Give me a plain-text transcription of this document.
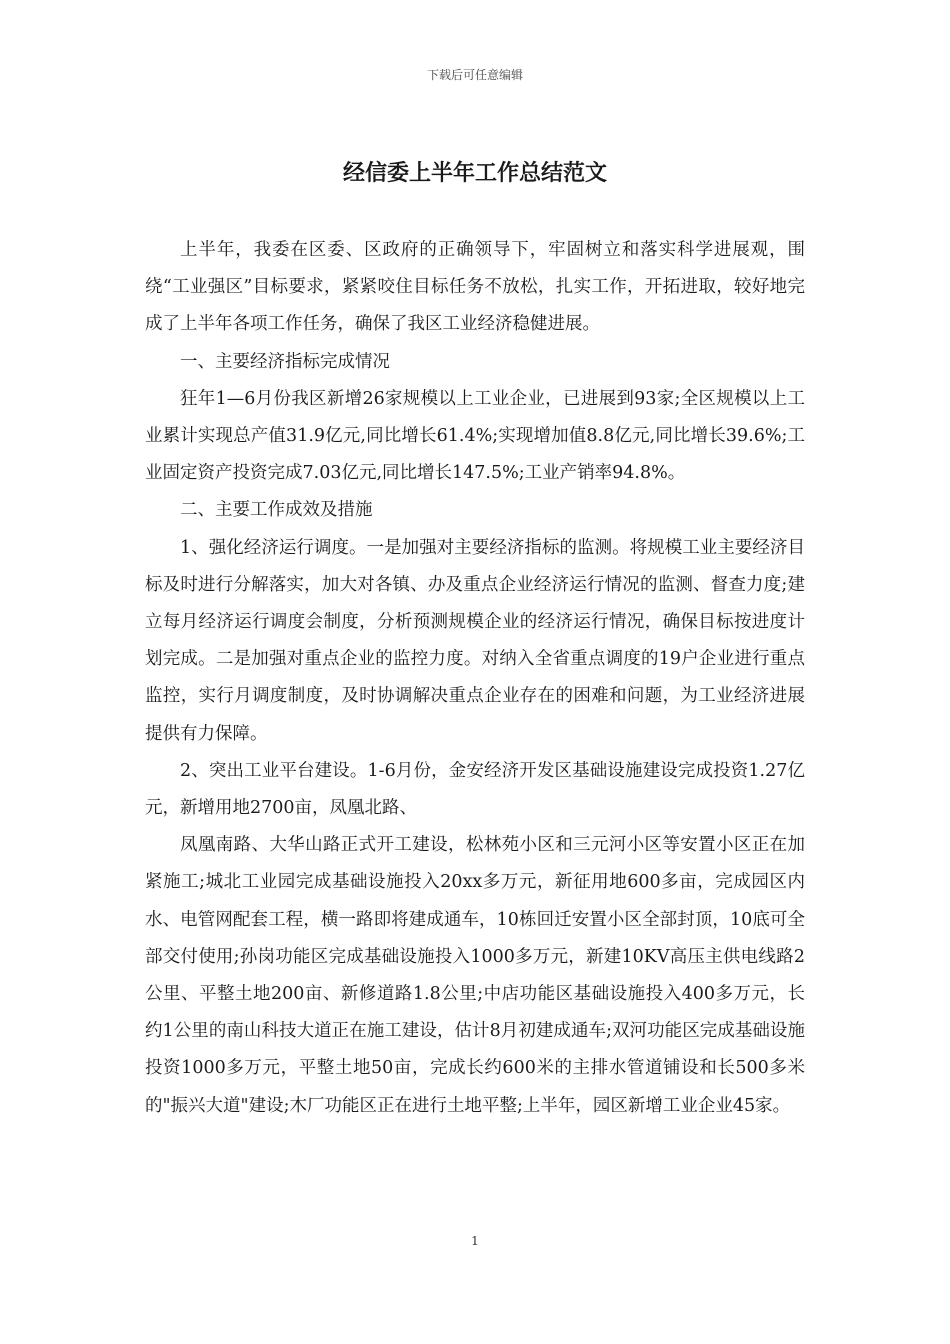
下载后可任意编辑
经信委上半年工作总结范文

上半年，我委在区委、区政府的正确领导下，牢固树立和落实科学进展观，围绕“工业强区”目标要求，紧紧咬住目标任务不放松，扎实工作，开拓进取，较好地完成了上半年各项工作任务，确保了我区工业经济稳健进展。

一、主要经济指标完成情况

狂年1—6月份我区新增26家规模以上工业企业，已进展到93家;全区规模以上工业累计实现总产值31.9亿元,同比增长61.4%;实现增加值8.8亿元,同比增长39.6%;工业固定资产投资完成7.03亿元,同比增长147.5%;工业产销率94.8%。

二、主要工作成效及措施

1、强化经济运行调度。一是加强对主要经济指标的监测。将规模工业主要经济目标及时进行分解落实，加大对各镇、办及重点企业经济运行情况的监测、督查力度;建立每月经济运行调度会制度，分析预测规模企业的经济运行情况，确保目标按进度计划完成。二是加强对重点企业的监控力度。对纳入全省重点调度的19户企业进行重点监控，实行月调度制度，及时协调解决重点企业存在的困难和问题，为工业经济进展提供有力保障。

2、突出工业平台建设。1-6月份，金安经济开发区基础设施建设完成投资1.27亿元，新增用地2700亩，凤凰北路、

凤凰南路、大华山路正式开工建设，松林苑小区和三元河小区等安置小区正在加紧施工;城北工业园完成基础设施投入20xx多万元，新征用地600多亩，完成园区内水、电管网配套工程，横一路即将建成通车，10栋回迁安置小区全部封顶，10底可全部交付使用;孙岗功能区完成基础设施投入1000多万元，新建10KV高压主供电线路2公里、平整土地200亩、新修道路1.8公里;中店功能区基础设施投入400多万元，长约1公里的南山科技大道正在施工建设，估计8月初建成通车;双河功能区完成基础设施投资1000多万元，平整土地50亩，完成长约600米的主排水管道铺设和长500多米的"振兴大道"建设;木厂功能区正在进行土地平整;上半年，园区新增工业企业45家。

1
